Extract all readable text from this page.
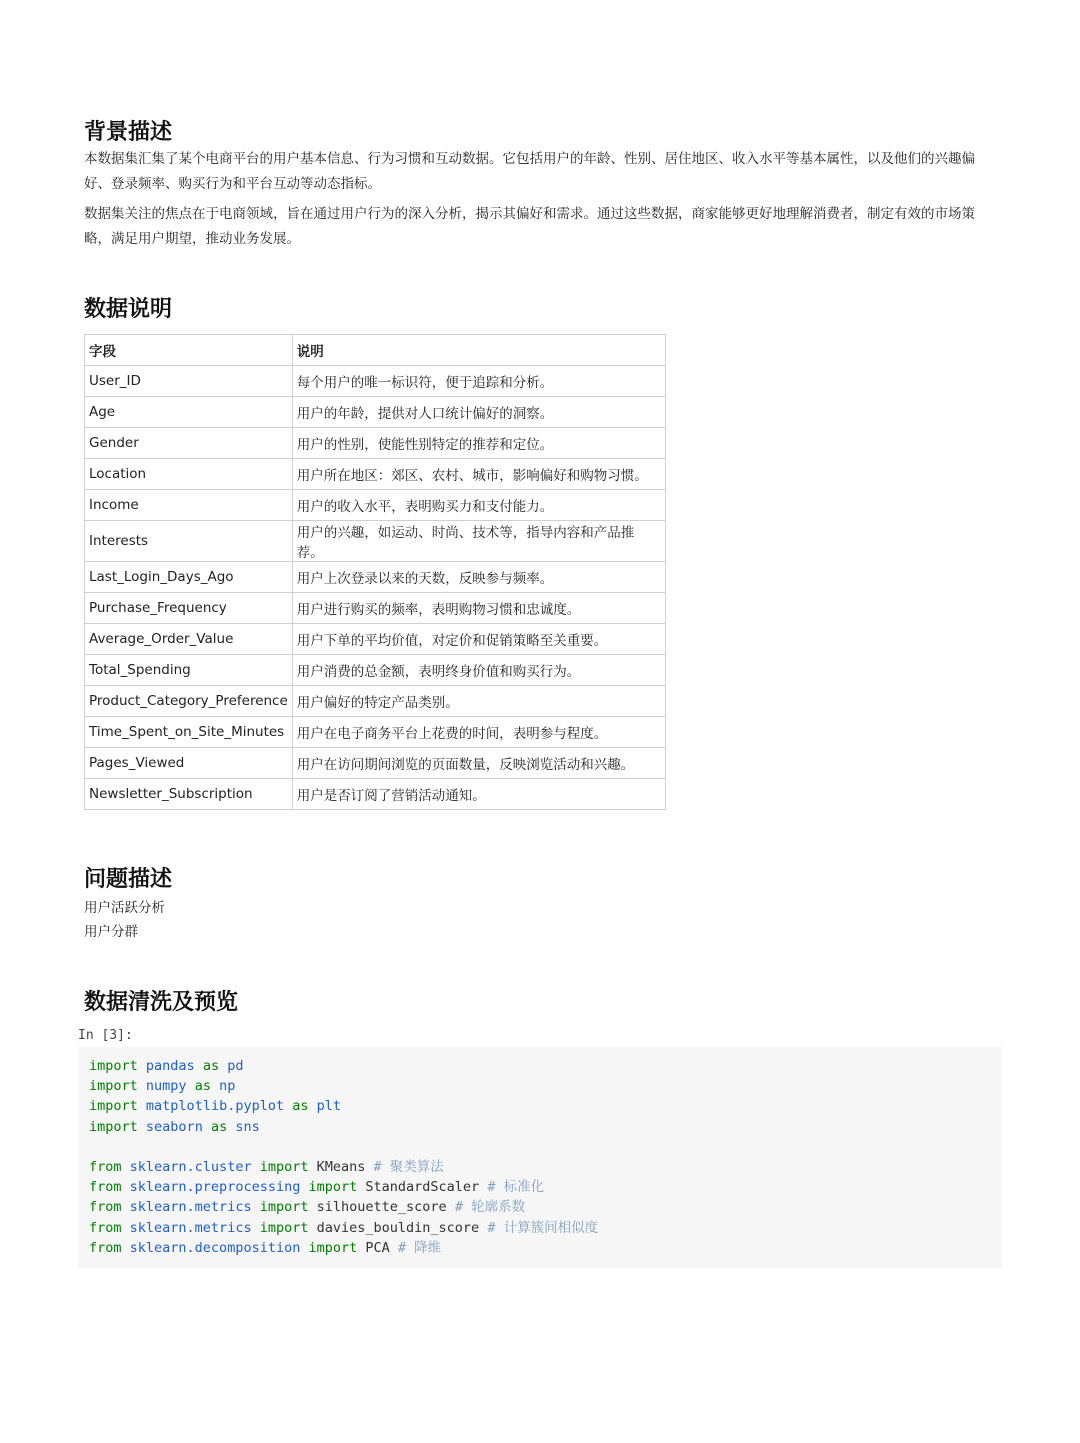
背景描述

本数据集汇集了某个电商平台的用户基本信息、行为习惯和互动数据。它包括用户的年龄、性别、居住地区、收入水平等基本属性，以及他们的兴趣偏好、登录频率、购买行为和平台互动等动态指标。

数据集关注的焦点在于电商领域，旨在通过用户行为的深入分析，揭示其偏好和需求。通过这些数据，商家能够更好地理解消费者，制定有效的市场策略，满足用户期望，推动业务发展。

数据说明
字段	说明
User_ID	每个用户的唯一标识符，便于追踪和分析。
Age	用户的年龄，提供对人口统计偏好的洞察。
Gender	用户的性别，使能性别特定的推荐和定位。
Location	用户所在地区：郊区、农村、城市，影响偏好和购物习惯。
Income	用户的收入水平，表明购买力和支付能力。
Interests	用户的兴趣，如运动、时尚、技术等，指导内容和产品推荐。
Last_Login_Days_Ago	用户上次登录以来的天数，反映参与频率。
Purchase_Frequency	用户进行购买的频率，表明购物习惯和忠诚度。
Average_Order_Value	用户下单的平均价值，对定价和促销策略至关重要。
Total_Spending	用户消费的总金额，表明终身价值和购买行为。
Product_Category_Preference	用户偏好的特定产品类别。
Time_Spent_on_Site_Minutes	用户在电子商务平台上花费的时间，表明参与程度。
Pages_Viewed	用户在访问期间浏览的页面数量，反映浏览活动和兴趣。
Newsletter_Subscription	用户是否订阅了营销活动通知。
问题描述
用户活跃分析
用户分群
数据清洗及预览
In [3]:
import pandas as pd
import numpy as np
import matplotlib.pyplot as plt
import seaborn as sns
from sklearn.cluster import KMeans # 聚类算法
from sklearn.preprocessing import StandardScaler # 标准化
from sklearn.metrics import silhouette_score # 轮廓系数
from sklearn.metrics import davies_bouldin_score # 计算簇间相似度
from sklearn.decomposition import PCA # 降维
